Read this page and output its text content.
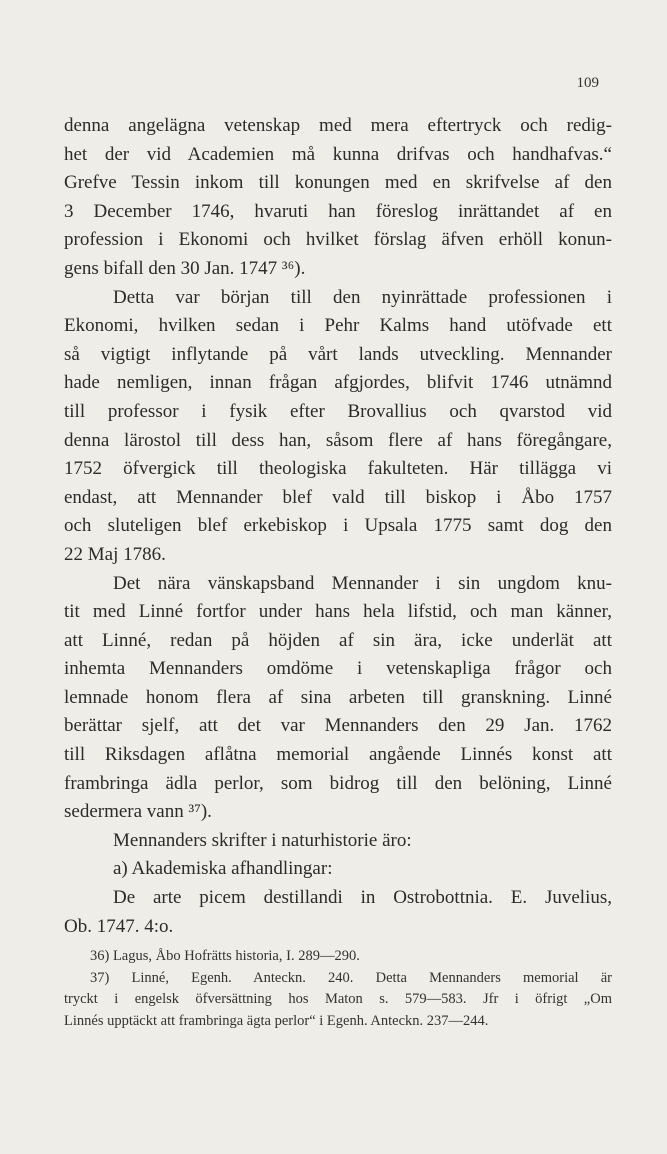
109
denna angelägna vetenskap med mera eftertryck och redig-
het der vid Academien må kunna drifvas och handhafvas.“
Grefve Tessin inkom till konungen med en skrifvelse af den
3 December 1746, hvaruti han föreslog inrättandet af en
profession i Ekonomi och hvilket förslag äfven erhöll konun-
gens bifall den 30 Jan. 1747 ³⁶).
Detta var början till den nyinrättade professionen i
Ekonomi, hvilken sedan i Pehr Kalms hand utöfvade ett
så vigtigt inflytande på vårt lands utveckling. Mennander
hade nemligen, innan frågan afgjordes, blifvit 1746 utnämnd
till professor i fysik efter Brovallius och qvarstod vid
denna lärostol till dess han, såsom flere af hans föregångare,
1752 öfvergick till theologiska fakulteten. Här tillägga vi
endast, att Mennander blef vald till biskop i Åbo 1757
och sluteligen blef erkebiskop i Upsala 1775 samt dog den
22 Maj 1786.
Det nära vänskapsband Mennander i sin ungdom knu-
tit med Linné fortfor under hans hela lifstid, och man känner,
att Linné, redan på höjden af sin ära, icke underlät att
inhemta Mennanders omdöme i vetenskapliga frågor och
lemnade honom flera af sina arbeten till granskning. Linné
berättar sjelf, att det var Mennanders den 29 Jan. 1762
till Riksdagen aflåtna memorial angående Linnés konst att
frambringa ädla perlor, som bidrog till den belöning, Linné
sedermera vann ³⁷).
Mennanders skrifter i naturhistorie äro:
a) Akademiska afhandlingar:
De arte picem destillandi in Ostrobottnia. E. Juvelius,
Ob. 1747. 4:o.
36) Lagus, Åbo Hofrätts historia, I. 289—290.
37) Linné, Egenh. Anteckn. 240. Detta Mennanders memorial är
tryckt i engelsk öfversättning hos Maton s. 579—583. Jfr i öfrigt „Om
Linnés upptäckt att frambringa ägta perlor“ i Egenh. Anteckn. 237—244.
